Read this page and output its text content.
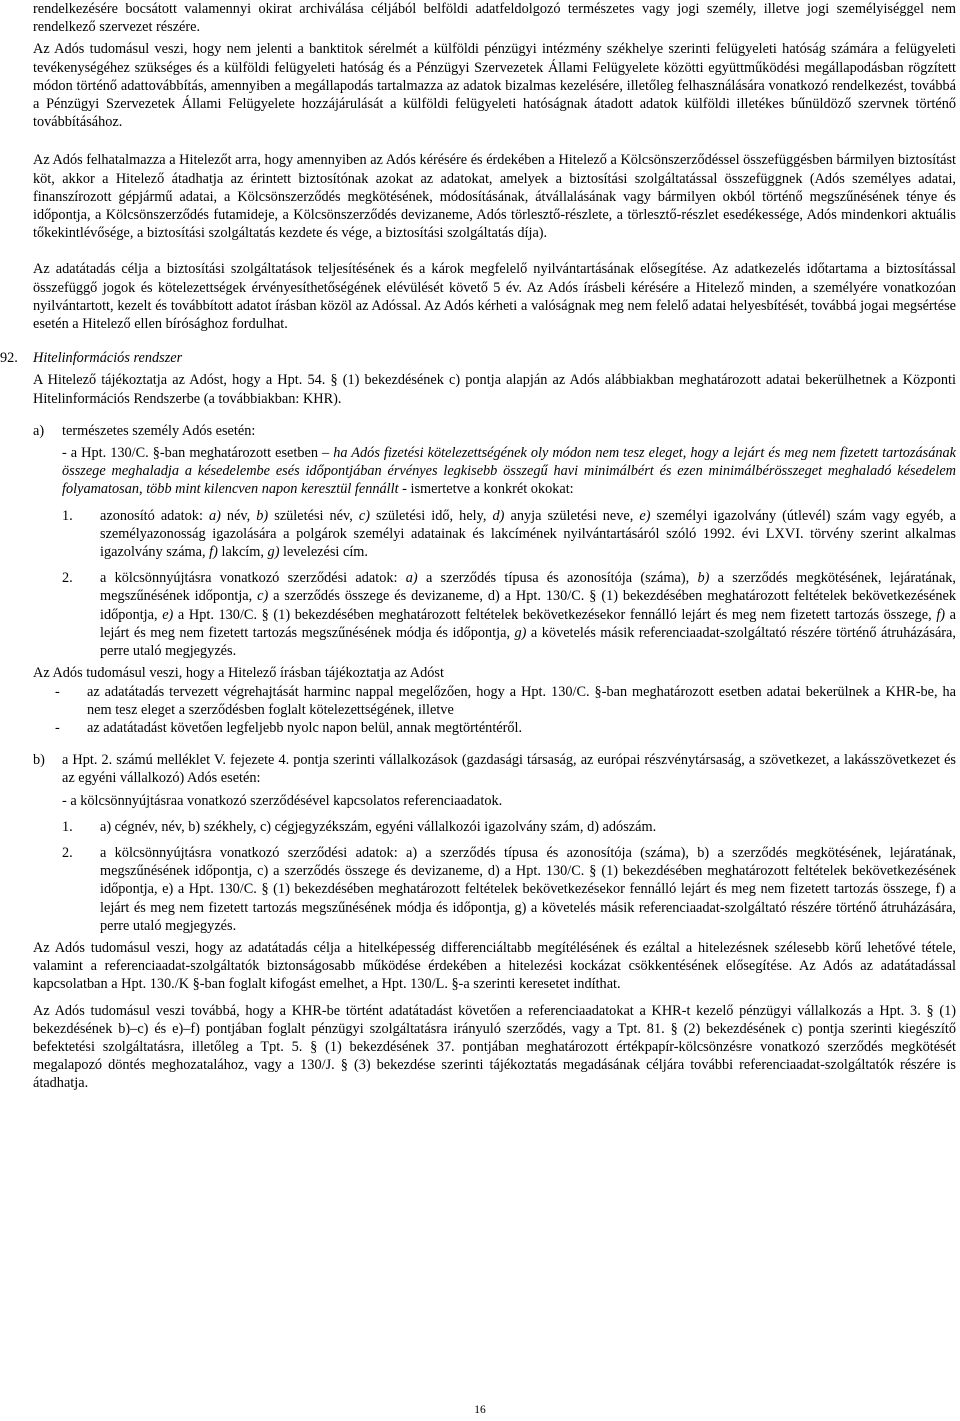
rendelkezésére bocsátott valamennyi okirat archiválása céljából belföldi adatfeldolgozó természetes vagy jogi személy, illetve jogi személyiséggel nem rendelkező szervezet részére.

Az Adós tudomásul veszi, hogy nem jelenti a banktitok sérelmét a külföldi pénzügyi intézmény székhelye szerinti felügyeleti hatóság számára a felügyeleti tevékenységéhez szükséges és a külföldi felügyeleti hatóság és a Pénzügyi Szervezetek Állami Felügyelete közötti együttműködési megállapodásban rögzített módon történő adattovábbítás, amennyiben a megállapodás tartalmazza az adatok bizalmas kezelésére, illetőleg felhasználására vonatkozó rendelkezést, továbbá a Pénzügyi Szervezetek Állami Felügyelete hozzájárulását a külföldi felügyeleti hatóságnak átadott adatok külföldi illetékes bűnüldöző szervnek történő továbbításához.

Az Adós felhatalmazza a Hitelezőt arra, hogy amennyiben az Adós kérésére és érdekében a Hitelező a Kölcsönszerződéssel összefüggésben bármilyen biztosítást köt, akkor a Hitelező átadhatja az érintett biztosítónak azokat az adatokat, amelyek a biztosítási szolgáltatással összefüggnek (Adós személyes adatai, finanszírozott gépjármű adatai, a Kölcsönszerződés megkötésének, módosításának, átvállalásának vagy bármilyen okból történő megszűnésének ténye és időpontja, a Kölcsönszerződés futamideje, a Kölcsönszerződés devizaneme, Adós törlesztő-részlete, a törlesztő-részlet esedékessége, Adós mindenkori aktuális tőkekintlévősége, a biztosítási szolgáltatás kezdete és vége, a biztosítási szolgáltatás díja).

Az adatátadás célja a biztosítási szolgáltatások teljesítésének és a károk megfelelő nyilvántartásának elősegítése. Az adatkezelés időtartama a biztosítással összefüggő jogok és kötelezettségek érvényesíthetőségének elévülését követő 5 év. Az Adós írásbeli kérésére a Hitelező minden, a személyére vonatkozóan nyilvántartott, kezelt és továbbított adatot írásban közöl az Adóssal. Az Adós kérheti a valóságnak meg nem felelő adatai helyesbítését, továbbá jogai megsértése esetén a Hitelező ellen bírósághoz fordulhat.

92. Hitelinformációs rendszer

A Hitelező tájékoztatja az Adóst, hogy a Hpt. 54. § (1) bekezdésének c) pontja alapján az Adós alábbiakban meghatározott adatai bekerülhetnek a Központi Hitelinformációs Rendszerbe (a továbbiakban: KHR).

a) természetes személy Adós esetén:

- a Hpt. 130/C. §-ban meghatározott esetben – ha Adós fizetési kötelezettségének oly módon nem tesz eleget, hogy a lejárt és meg nem fizetett tartozásának összege meghaladja a késedelembe esés időpontjában érvényes legkisebb összegű havi minimálbért és ezen minimálbérösszeget meghaladó késedelem folyamatosan, több mint kilencven napon keresztül fennállt - ismertetve a konkrét okokat:

1. azonosító adatok: a) név, b) születési név, c) születési idő, hely, d) anyja születési neve, e) személyi igazolvány (útlevél) szám vagy egyéb, a személyazonosság igazolására a polgárok személyi adatainak és lakcímének nyilvántartásáról szóló 1992. évi LXVI. törvény szerint alkalmas igazolvány száma, f) lakcím, g) levelezési cím.

2. a kölcsönnyújtásra vonatkozó szerződési adatok: a) a szerződés típusa és azonosítója (száma), b) a szerződés megkötésének, lejáratának, megszűnésének időpontja, c) a szerződés összege és devizaneme, d) a Hpt. 130/C. § (1) bekezdésében meghatározott feltételek bekövetkezésének időpontja, e) a Hpt. 130/C. § (1) bekezdésében meghatározott feltételek bekövetkezésekor fennálló lejárt és meg nem fizetett tartozás összege, f) a lejárt és meg nem fizetett tartozás megszűnésének módja és időpontja, g) a követelés másik referenciaadat-szolgáltató részére történő átruházására, perre utaló megjegyzés.

Az Adós tudomásul veszi, hogy a Hitelező írásban tájékoztatja az Adóst

- az adatátadás tervezett végrehajtását harminc nappal megelőzően, hogy a Hpt. 130/C. §-ban meghatározott esetben adatai bekerülnek a KHR-be, ha nem tesz eleget a szerződésben foglalt kötelezettségének, illetve

- az adatátadást követően legfeljebb nyolc napon belül, annak megtörténtéről.

b) a Hpt. 2. számú melléklet V. fejezete 4. pontja szerinti vállalkozások (gazdasági társaság, az európai részvénytársaság, a szövetkezet, a lakásszövetkezet és az egyéni vállalkozó) Adós esetén:

- a kölcsönnyújtásraa vonatkozó szerződésével kapcsolatos referenciaadatok.

1. a) cégnév, név, b) székhely, c) cégjegyzékszám, egyéni vállalkozói igazolvány szám, d) adószám.

2. a kölcsönnyújtásra vonatkozó szerződési adatok: a) a szerződés típusa és azonosítója (száma), b) a szerződés megkötésének, lejáratának, megszűnésének időpontja, c) a szerződés összege és devizaneme, d) a Hpt. 130/C. § (1) bekezdésében meghatározott feltételek bekövetkezésének időpontja, e) a Hpt. 130/C. § (1) bekezdésében meghatározott feltételek bekövetkezésekor fennálló lejárt és meg nem fizetett tartozás összege, f) a lejárt és meg nem fizetett tartozás megszűnésének módja és időpontja, g) a követelés másik referenciaadat-szolgáltató részére történő átruházására, perre utaló megjegyzés.

Az Adós tudomásul veszi, hogy az adatátadás célja a hitelképesség differenciáltabb megítélésének és ezáltal a hitelezésnek szélesebb körű lehetővé tétele, valamint a referenciaadat-szolgáltatók biztonságosabb működése érdekében a hitelezési kockázat csökkentésének elősegítése. Az Adós az adatátadással kapcsolatban a Hpt. 130./K §-ban foglalt kifogást emelhet, a Hpt. 130/L. §-a szerinti keresetet indíthat.

Az Adós tudomásul veszi továbbá, hogy a KHR-be történt adatátadást követően a referenciaadatokat a KHR-t kezelő pénzügyi vállalkozás a Hpt. 3. § (1) bekezdésének b)–c) és e)–f) pontjában foglalt pénzügyi szolgáltatásra irányuló szerződés, vagy a Tpt. 81. § (2) bekezdésének c) pontja szerinti kiegészítő befektetési szolgáltatásra, illetőleg a Tpt. 5. § (1) bekezdésének 37. pontjában meghatározott értékpapír-kölcsönzésre vonatkozó szerződés megkötését megalapozó döntés meghozatalához, vagy a 130/J. § (3) bekezdése szerinti tájékoztatás megadásának céljára további referenciaadat-szolgáltatók részére is átadhatja.

16
